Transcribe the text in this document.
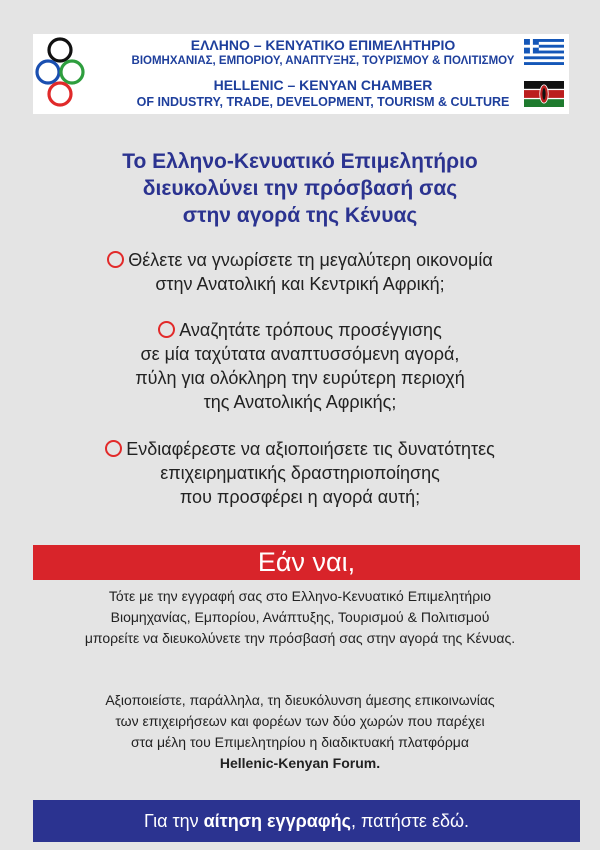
ΕΛΛΗΝΟ – ΚΕΝΥΑΤΙΚΟ ΕΠΙΜΕΛΗΤΗΡΙΟ
ΒΙΟΜΗΧΑΝΙΑΣ, ΕΜΠΟΡΙΟΥ, ΑΝΑΠΤΥΞΗΣ, ΤΟΥΡΙΣΜΟΥ & ΠΟΛΙΤΙΣΜΟΥ
HELLENIC – KENYAN CHAMBER
OF INDUSTRY, TRADE, DEVELOPMENT, TOURISM & CULTURE
Το Ελληνο-Κενυατικό Επιμελητήριο
διευκολύνει την πρόσβασή σας
στην αγορά της Κένυας
Θέλετε να γνωρίσετε τη μεγαλύτερη οικονομία
στην Ανατολική και Κεντρική Αφρική;
Αναζητάτε τρόπους προσέγγισης
σε μία ταχύτατα αναπτυσσόμενη αγορά,
πύλη για ολόκληρη την ευρύτερη περιοχή
της Ανατολικής Αφρικής;
Ενδιαφέρεστε να αξιοποιήσετε τις δυνατότητες
επιχειρηματικής δραστηριοποίησης
που προσφέρει η αγορά αυτή;
Εάν ναι,
Τότε με την εγγραφή σας στο Ελληνο-Κενυατικό Επιμελητήριο
Βιομηχανίας, Εμπορίου, Ανάπτυξης, Τουρισμού & Πολιτισμού
μπορείτε να διευκολύνετε την πρόσβασή σας στην αγορά της Κένυας.
Αξιοποιείστε, παράλληλα, τη διευκόλυνση άμεσης επικοινωνίας
των επιχειρήσεων και φορέων των δύο χωρών που παρέχει
στα μέλη του Επιμελητηρίου η διαδικτυακή πλατφόρμα
Hellenic-Kenyan Forum.
Για την αίτηση εγγραφής, πατήστε εδώ.
